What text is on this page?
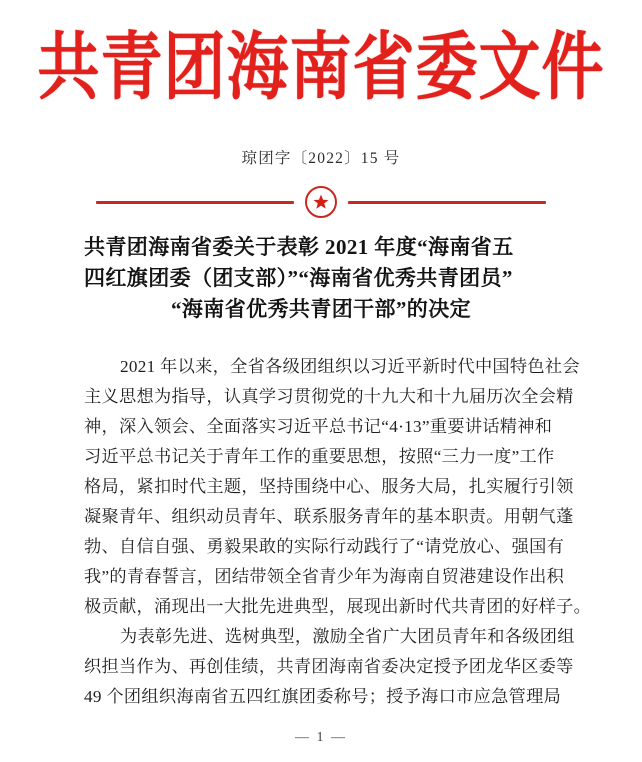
共青团海南省委文件
琼团字〔2022〕15 号
共青团海南省委关于表彰 2021 年度“海南省五
四红旗团委（团支部）”“海南省优秀共青团员”
“海南省优秀共青团干部”的决定
2021 年以来，全省各级团组织以习近平新时代中国特色社会
主义思想为指导，认真学习贯彻党的十九大和十九届历次全会精
神，深入领会、全面落实习近平总书记“4·13”重要讲话精神和
习近平总书记关于青年工作的重要思想，按照“三力一度”工作
格局，紧扣时代主题，坚持围绕中心、服务大局，扎实履行引领
凝聚青年、组织动员青年、联系服务青年的基本职责。用朝气蓬
勃、自信自强、勇毅果敢的实际行动践行了“请党放心、强国有
我”的青春誓言，团结带领全省青少年为海南自贸港建设作出积
极贡献，涌现出一大批先进典型，展现出新时代共青团的好样子。
为表彰先进、选树典型，激励全省广大团员青年和各级团组
织担当作为、再创佳绩，共青团海南省委决定授予团龙华区委等
49 个团组织海南省五四红旗团委称号；授予海口市应急管理局
— 1 —
